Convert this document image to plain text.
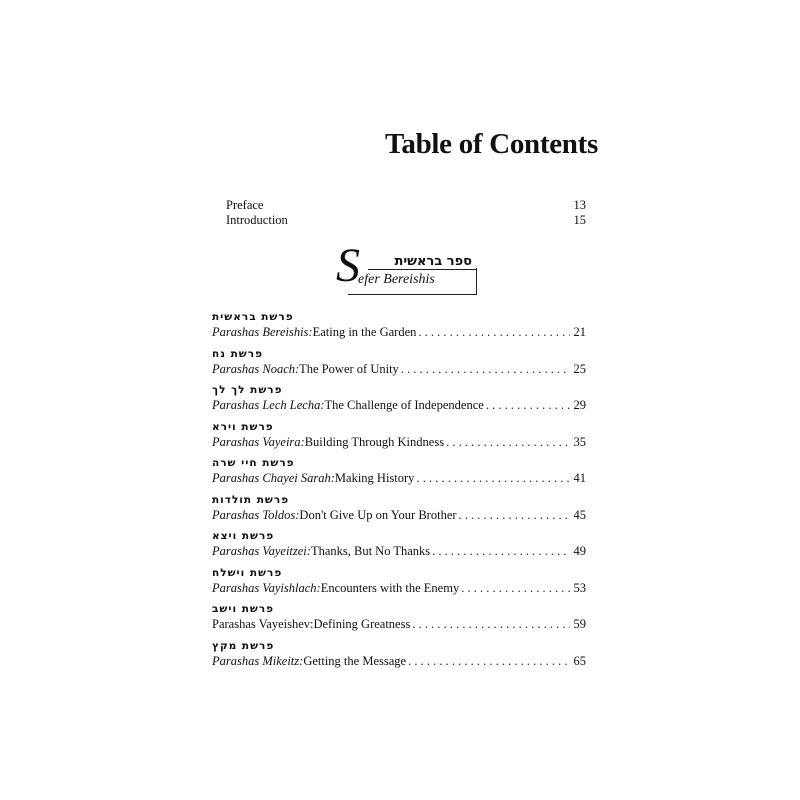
Table of Contents
Preface	13
Introduction	15
ספר בראשית
S
efer Bereishis
פרשת בראשית
Parashas Bereishis: Eating in the Garden . . .	21
פרשת נח
Parashas Noach: The Power of Unity . . .	25
פרשת לך לך
Parashas Lech Lecha: The Challenge of Independence . . .	29
פרשת וירא
Parashas Vayeira: Building Through Kindness . . .	35
פרשת חיי שרה
Parashas Chayei Sarah: Making History . . .	41
פרשת תולדות
Parashas Toldos: Don't Give Up on Your Brother . . .	45
פרשת ויצא
Parashas Vayeitzei: Thanks, But No Thanks . . .	49
פרשת וישלח
Parashas Vayishlach: Encounters with the Enemy . . .	53
פרשת וישב
Parashas Vayeishev: Defining Greatness . . .	59
פרשת מקץ
Parashas Mikeitz: Getting the Message . . .	65
